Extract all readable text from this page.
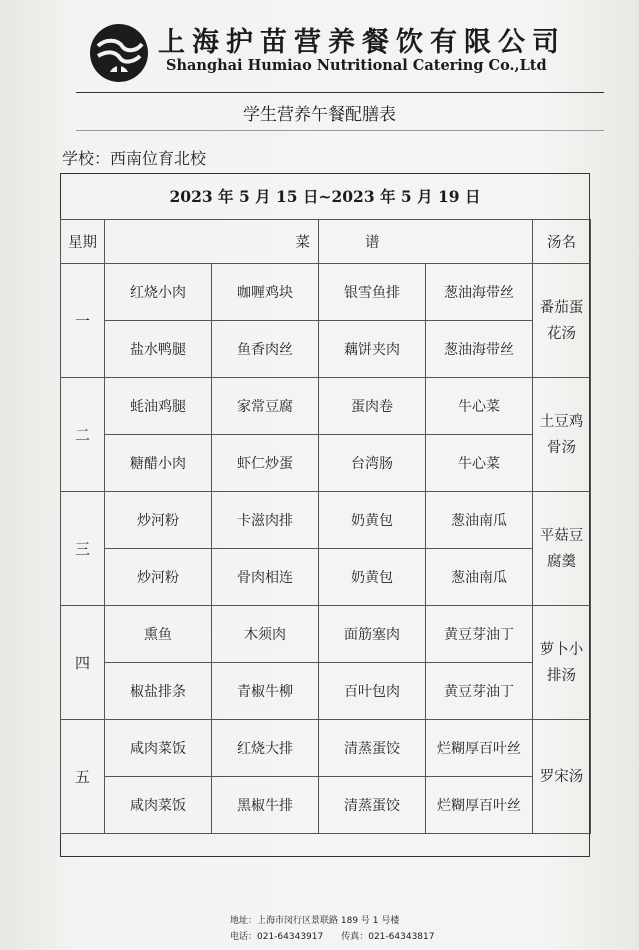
上海护苗营养餐饮有限公司
Shanghai Humiao Nutritional Catering Co.,Ltd
学生营养午餐配膳表
学校：西南位育北校
2023 年 5 月 15 日~2023 年 5 月 19 日
星期	菜		谱		汤名
一	红烧小肉	咖喱鸡块	银雪鱼排	葱油海带丝	番茄蛋花汤
	盐水鸭腿	鱼香肉丝	藕饼夹肉	葱油海带丝	
二	蚝油鸡腿	家常豆腐	蛋肉卷	牛心菜	土豆鸡骨汤
	糖醋小肉	虾仁炒蛋	台湾肠	牛心菜	
三	炒河粉	卡滋肉排	奶黄包	葱油南瓜	平菇豆腐羹
	炒河粉	骨肉相连	奶黄包	葱油南瓜	
四	熏鱼	木须肉	面筋塞肉	黄豆芽油丁	萝卜小排汤
	椒盐排条	青椒牛柳	百叶包肉	黄豆芽油丁	
五	咸肉菜饭	红烧大排	清蒸蛋饺	烂糊厚百叶丝	罗宋汤
	咸肉菜饭	黑椒牛排	清蒸蛋饺	烂糊厚百叶丝	
地址：上海市闵行区景联路 189 号 1 号楼
电话：021-64343917　　传真：021-64343817
